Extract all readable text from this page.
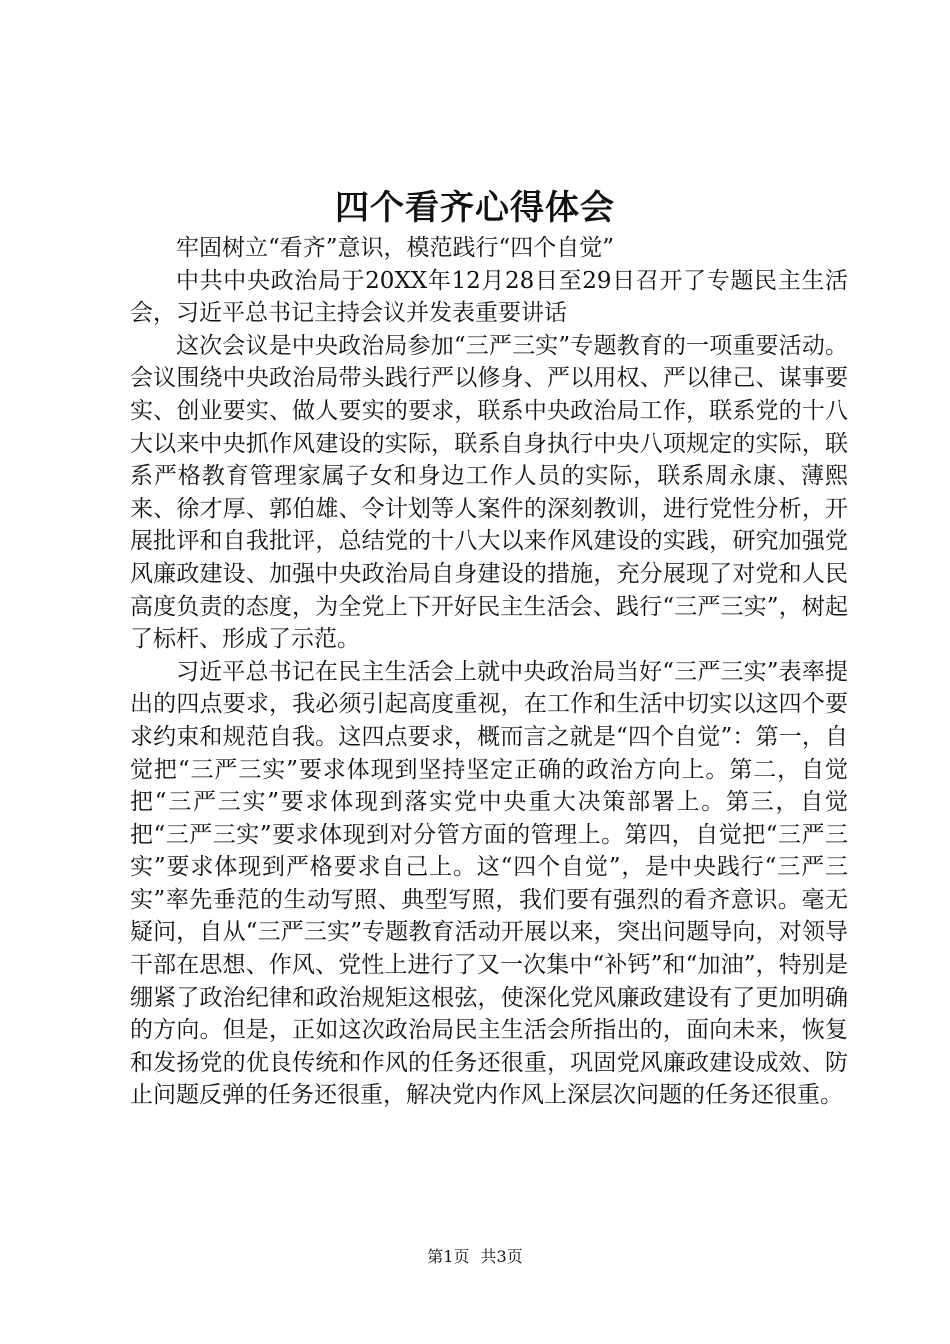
四个看齐心得体会

牢固树立“看齐”意识，模范践行“四个自觉”

中共中央政治局于20XX年12月28日至29日召开了专题民主生活会，习近平总书记主持会议并发表重要讲话

这次会议是中央政治局参加“三严三实”专题教育的一项重要活动。会议围绕中央政治局带头践行严以修身、严以用权、严以律己、谋事要实、创业要实、做人要实的要求，联系中央政治局工作，联系党的十八大以来中央抓作风建设的实际，联系自身执行中央八项规定的实际，联系严格教育管理家属子女和身边工作人员的实际，联系周永康、薄熙来、徐才厚、郭伯雄、令计划等人案件的深刻教训，进行党性分析，开展批评和自我批评，总结党的十八大以来作风建设的实践，研究加强党风廉政建设、加强中央政治局自身建设的措施，充分展现了对党和人民高度负责的态度，为全党上下开好民主生活会、践行“三严三实”，树起了标杆、形成了示范。

习近平总书记在民主生活会上就中央政治局当好“三严三实”表率提出的四点要求，我必须引起高度重视，在工作和生活中切实以这四个要求约束和规范自我。这四点要求，概而言之就是“四个自觉”：第一，自觉把“三严三实”要求体现到坚持坚定正确的政治方向上。第二，自觉把“三严三实”要求体现到落实党中央重大决策部署上。第三，自觉把“三严三实”要求体现到对分管方面的管理上。第四，自觉把“三严三实”要求体现到严格要求自己上。这“四个自觉”，是中央践行“三严三实”率先垂范的生动写照、典型写照，我们要有强烈的看齐意识。毫无疑问，自从“三严三实”专题教育活动开展以来，突出问题导向，对领导干部在思想、作风、党性上进行了又一次集中“补钙”和“加油”，特别是绷紧了政治纪律和政治规矩这根弦，使深化党风廉政建设有了更加明确的方向。但是，正如这次政治局民主生活会所指出的，面向未来，恢复和发扬党的优良传统和作风的任务还很重，巩固党风廉政建设成效、防止问题反弹的任务还很重，解决党内作风上深层次问题的任务还很重。

第1页 共3页
